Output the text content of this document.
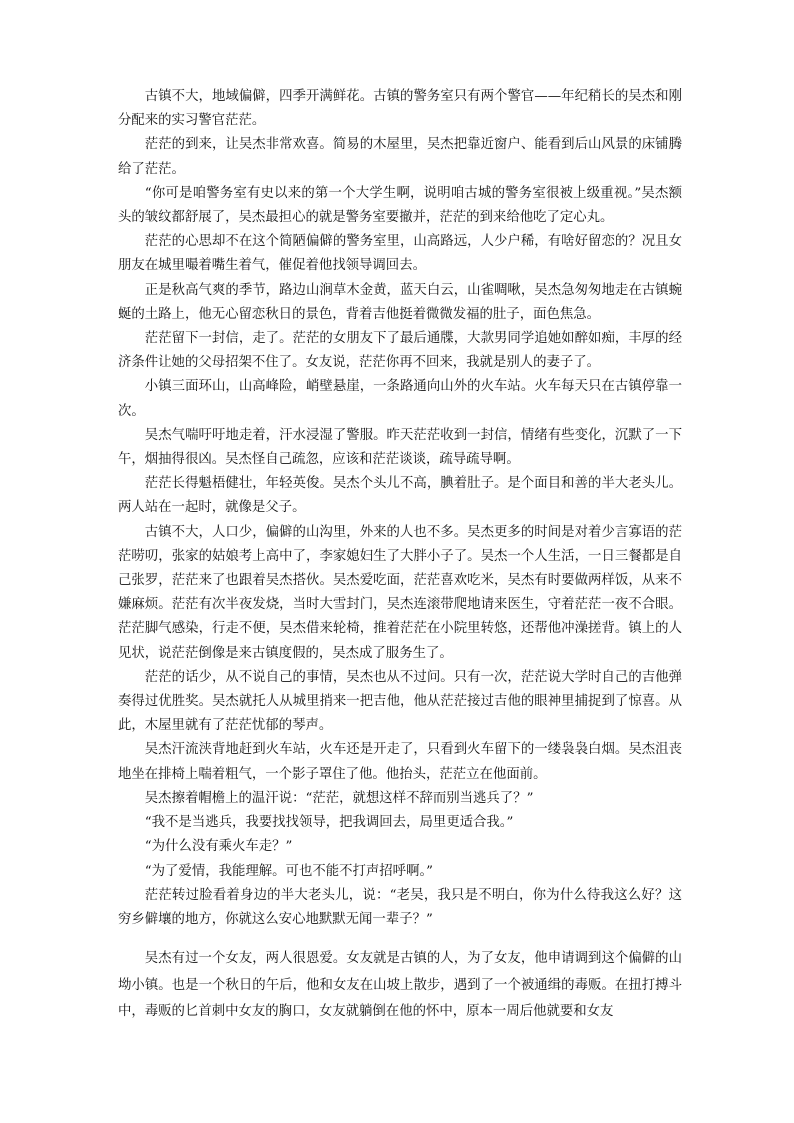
古镇不大，地域偏僻，四季开满鲜花。古镇的警务室只有两个警官——年纪稍长的吴杰和刚分配来的实习警官茫茫。

茫茫的到来，让吴杰非常欢喜。简易的木屋里，吴杰把靠近窗户、能看到后山风景的床铺腾给了茫茫。

“你可是咱警务室有史以来的第一个大学生啊，说明咱古城的警务室很被上级重视。”吴杰额头的皱纹都舒展了，吴杰最担心的就是警务室要撤并，茫茫的到来给他吃了定心丸。

茫茫的心思却不在这个简陋偏僻的警务室里，山高路远，人少户稀，有啥好留恋的？况且女朋友在城里嘬着嘴生着气，催促着他找领导调回去。

正是秋高气爽的季节，路边山涧草木金黄，蓝天白云，山雀啁啾，吴杰急匆匆地走在古镇蜿蜒的土路上，他无心留恋秋日的景色，背着吉他挺着微微发福的肚子，面色焦急。

茫茫留下一封信，走了。茫茫的女朋友下了最后通牒，大款男同学追她如醉如痴，丰厚的经济条件让她的父母招架不住了。女友说，茫茫你再不回来，我就是别人的妻子了。

小镇三面环山，山高峰险，峭壁悬崖，一条路通向山外的火车站。火车每天只在古镇停靠一次。

吴杰气喘吁吁地走着，汗水浸湿了警服。昨天茫茫收到一封信，情绪有些变化，沉默了一下午，烟抽得很凶。吴杰怪自己疏忽，应该和茫茫谈谈，疏导疏导啊。

茫茫长得魁梧健壮，年轻英俊。吴杰个头儿不高，腆着肚子。是个面目和善的半大老头儿。两人站在一起时，就像是父子。

古镇不大，人口少，偏僻的山沟里，外来的人也不多。吴杰更多的时间是对着少言寡语的茫茫唠叨，张家的姑娘考上高中了，李家媳妇生了大胖小子了。吴杰一个人生活，一日三餐都是自己张罗，茫茫来了也跟着吴杰搭伙。吴杰爱吃面，茫茫喜欢吃米，吴杰有时要做两样饭，从来不嫌麻烦。茫茫有次半夜发烧，当时大雪封门，吴杰连滚带爬地请来医生，守着茫茫一夜不合眼。茫茫脚气感染，行走不便，吴杰借来轮椅，推着茫茫在小院里转悠，还帮他冲澡搓背。镇上的人见状，说茫茫倒像是来古镇度假的，吴杰成了服务生了。

茫茫的话少，从不说自己的事情，吴杰也从不过问。只有一次，茫茫说大学时自己的吉他弹奏得过优胜奖。吴杰就托人从城里捎来一把吉他，他从茫茫接过吉他的眼神里捕捉到了惊喜。从此，木屋里就有了茫茫忧郁的琴声。

吴杰汗流浃背地赶到火车站，火车还是开走了，只看到火车留下的一缕袅袅白烟。吴杰沮丧地坐在排椅上喘着粗气，一个影子罩住了他。他抬头，茫茫立在他面前。

吴杰擦着帽檐上的温汗说：“茫茫，就想这样不辞而别当逃兵了？”

“我不是当逃兵，我要找找领导，把我调回去，局里更适合我。”

“为什么没有乘火车走？”

“为了爱情，我能理解。可也不能不打声招呼啊。”

茫茫转过脸看着身边的半大老头儿，说：“老吴，我只是不明白，你为什么待我这么好？这穷乡僻壤的地方，你就这么安心地默默无闻一辈子？”

吴杰有过一个女友，两人很恩爱。女友就是古镇的人，为了女友，他申请调到这个偏僻的山坳小镇。也是一个秋日的午后，他和女友在山坡上散步，遇到了一个被通缉的毒贩。在扭打搏斗中，毒贩的匕首刺中女友的胸口，女友就躺倒在他的怀中，原本一周后他就要和女友
